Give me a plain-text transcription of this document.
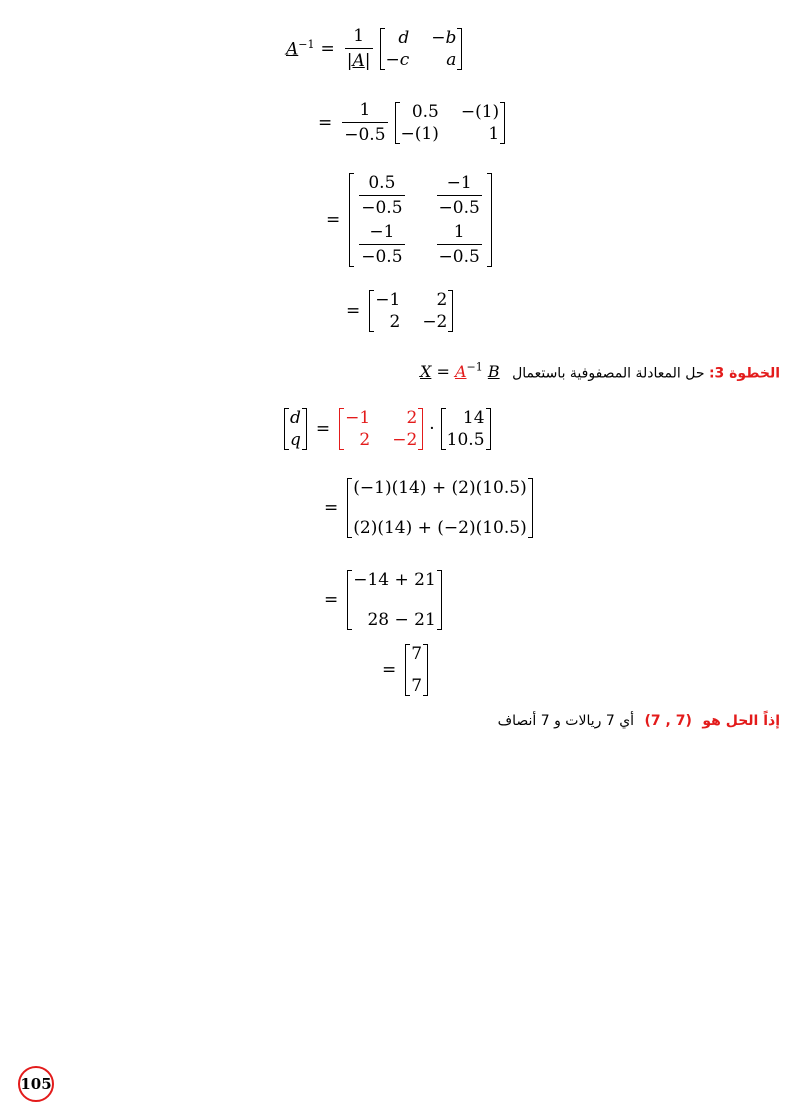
$A^{-1} = \frac{1}{|A|}$	d −b
−c	a
= $\frac{1}{-0.5}$	0.5 −(1)
−(1)	1
=
$\frac{0.5}{-0.5} \frac{-1}{-0.5}$
$\frac{-1}{-0.5} \frac{1}{-0.5}$
=
−1	2
2 −2
الخطوة 3: حل المعادلة المصفوفية باستعمال $X = A^{-1}$ B
d
q
=
−1	2
2 −2
·
14
10.5
=
(−1)(14) + (2)(10.5)
(2)(14) + (−2)(10.5)
=
−14 + 21
28 − 21
=
7
7
إذاً الحل هو (7 , 7) أي 7 ريالات و 7 أنصاف
105
